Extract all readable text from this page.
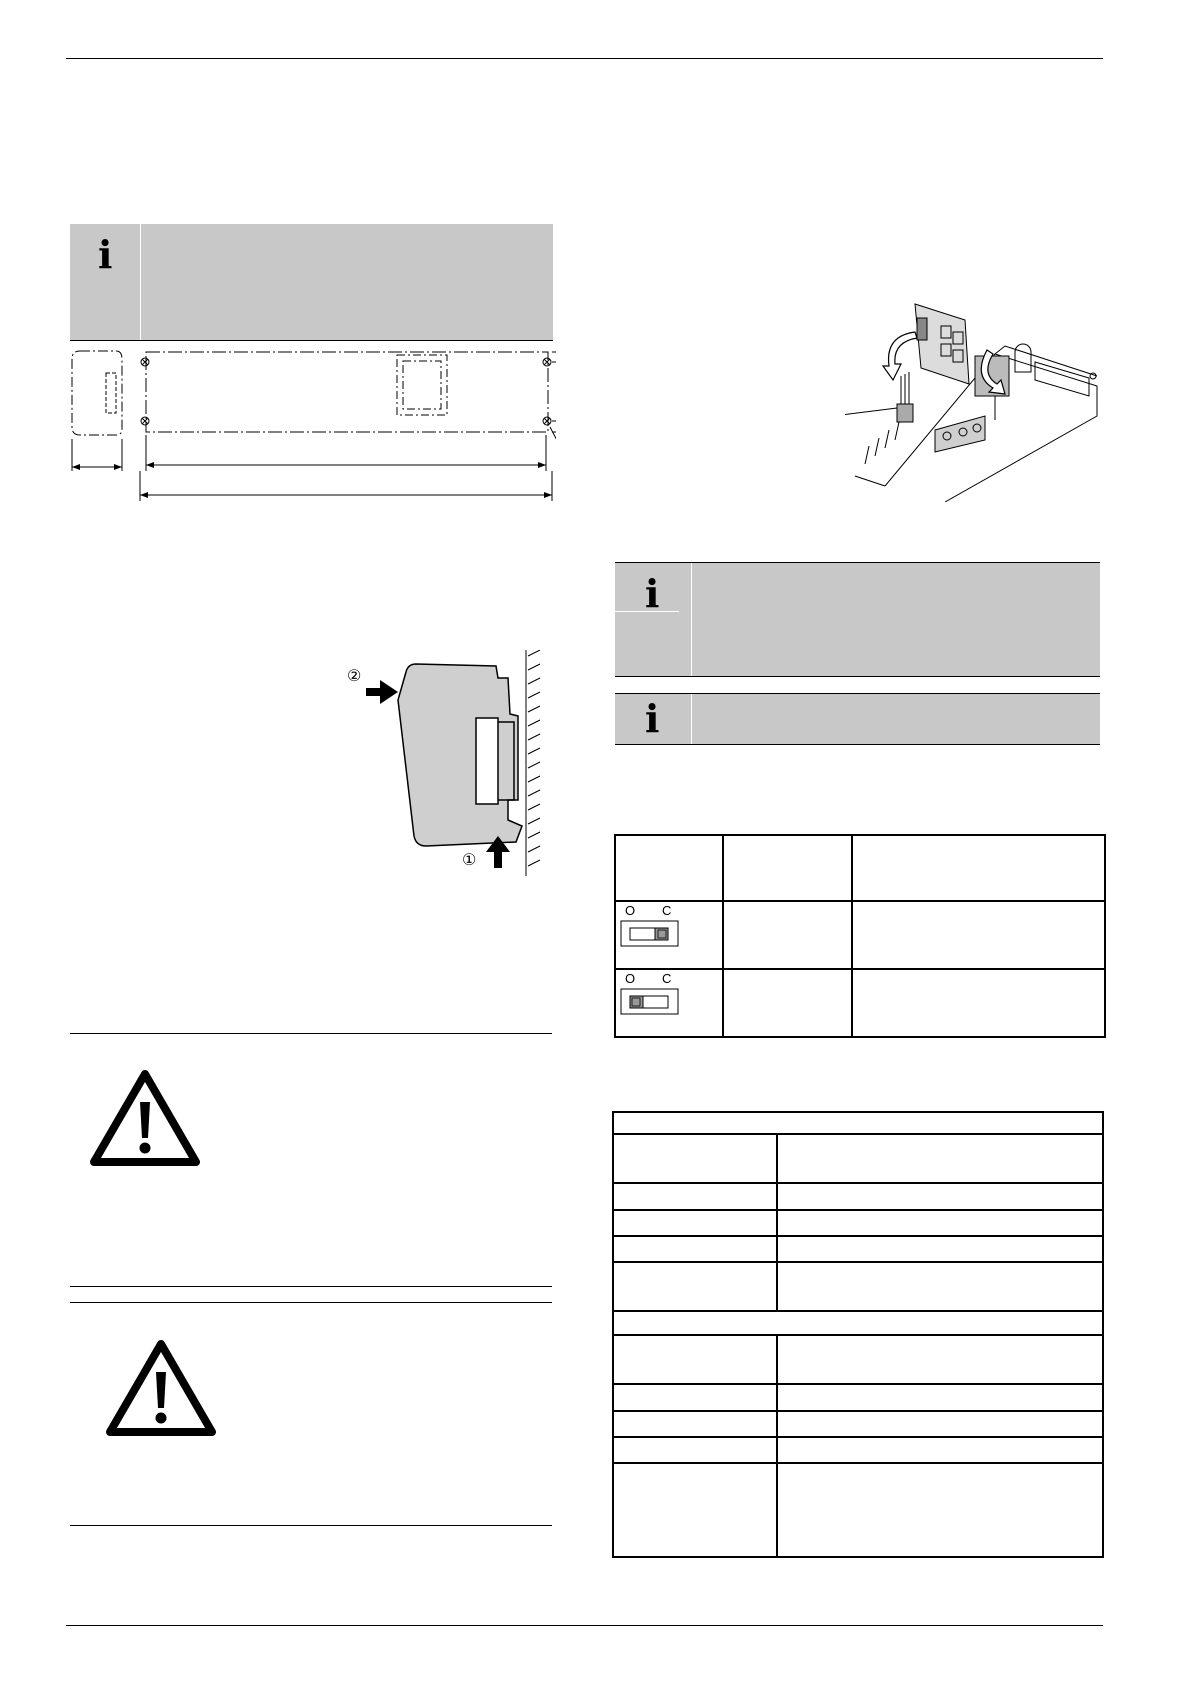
i
②
①
i
i

O C		

O C		
